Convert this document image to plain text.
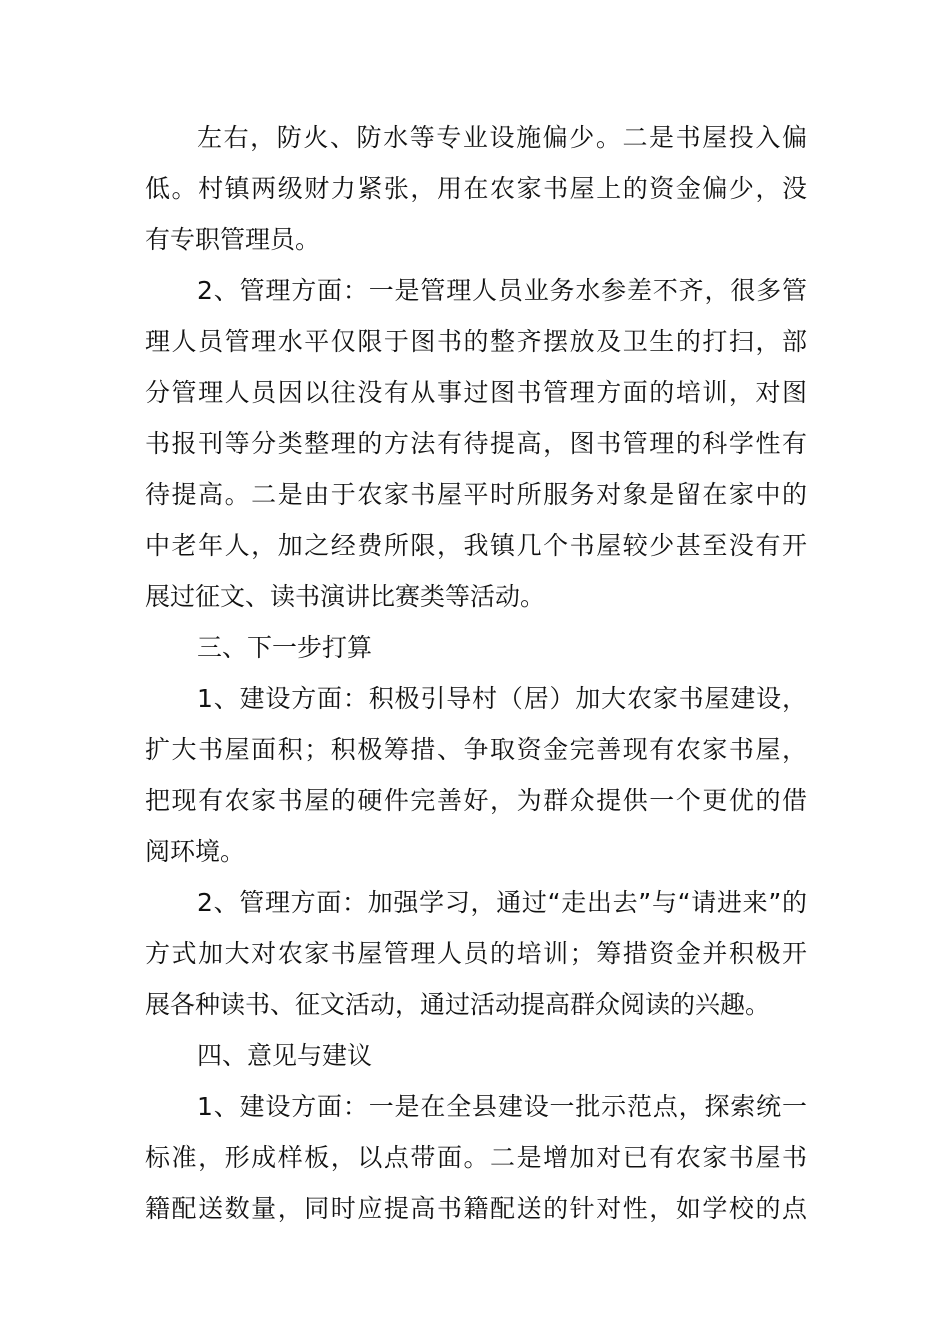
左右，防火、防水等专业设施偏少。二是书屋投入偏
低。村镇两级财力紧张，用在农家书屋上的资金偏少，没
有专职管理员。
2、管理方面：一是管理人员业务水参差不齐，很多管
理人员管理水平仅限于图书的整齐摆放及卫生的打扫，部
分管理人员因以往没有从事过图书管理方面的培训，对图
书报刊等分类整理的方法有待提高，图书管理的科学性有
待提高。二是由于农家书屋平时所服务对象是留在家中的
中老年人，加之经费所限，我镇几个书屋较少甚至没有开
展过征文、读书演讲比赛类等活动。
三、下一步打算
1、建设方面：积极引导村（居）加大农家书屋建设，
扩大书屋面积；积极筹措、争取资金完善现有农家书屋，
把现有农家书屋的硬件完善好，为群众提供一个更优的借
阅环境。
2、管理方面：加强学习，通过“走出去”与“请进来”的
方式加大对农家书屋管理人员的培训；筹措资金并积极开
展各种读书、征文活动，通过活动提高群众阅读的兴趣。
四、意见与建议
1、建设方面：一是在全县建设一批示范点，探索统一
标准，形成样板，以点带面。二是增加对已有农家书屋书
籍配送数量，同时应提高书籍配送的针对性，如学校的点
